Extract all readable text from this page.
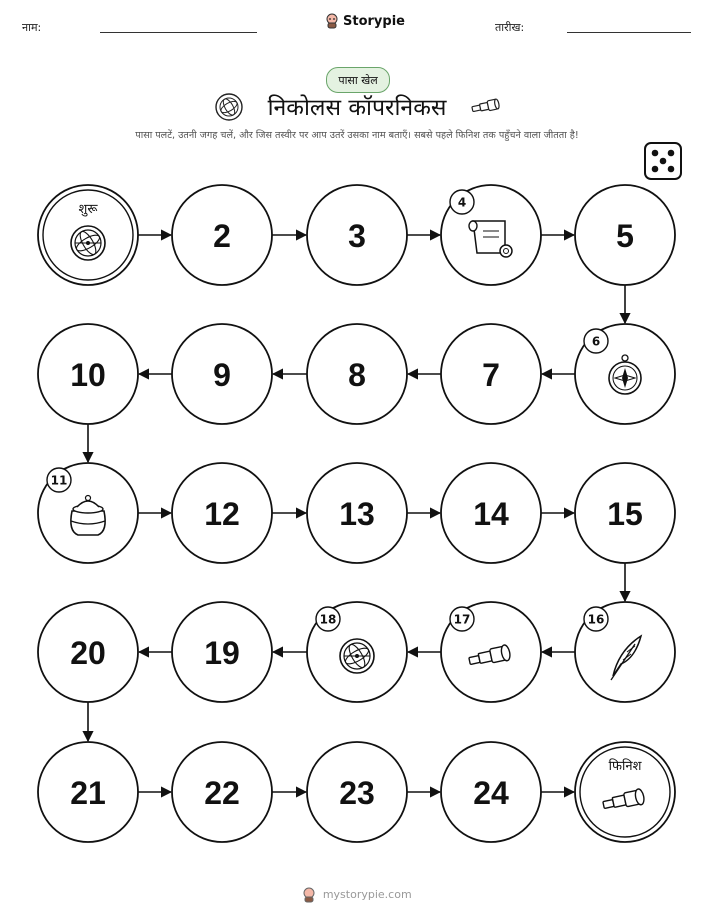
नाम:	Storypie	तारीख:
पासा खेल
निकोलस कॉपरनिकस
पासा पलटें, उतनी जगह चलें, और जिस तस्वीर पर आप उतरें उसका नाम बताएँ। सबसे पहले फिनिश तक पहुँचने वाला जीतता है!
शुरू
2	3
4
5
6
7
8
9
10
11
12	13	14	15
16
17
18
19
20
21	22	23	24
फिनिश
mystorypie.com
